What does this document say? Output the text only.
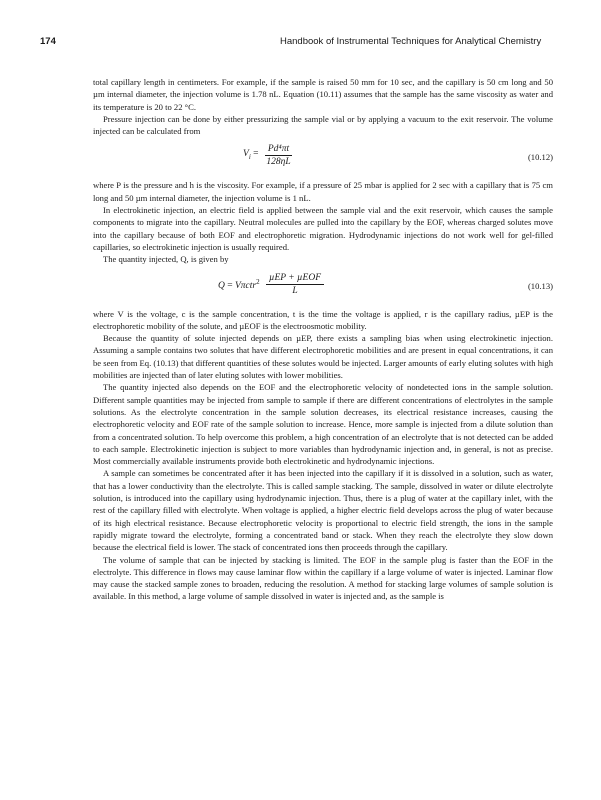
174	Handbook of Instrumental Techniques for Analytical Chemistry

total capillary length in centimeters. For example, if the sample is raised 50 mm for 10 sec, and the capillary is 50 cm long and 50 µm internal diameter, the injection volume is 1.78 nL. Equation (10.11) assumes that the sample has the same viscosity as water and its temperature is 20 to 22 °C.

Pressure injection can be done by either pressurizing the sample vial or by applying a vacuum to the exit reservoir. The volume injected can be calculated from

$V_i = \frac{\text{Pd⁴πt}}{128\eta L}$	(10.12)

where P is the pressure and h is the viscosity. For example, if a pressure of 25 mbar is applied for 2 sec with a capillary that is 75 cm long and 50 µm internal diameter, the injection volume is 1 nL.

In electrokinetic injection, an electric field is applied between the sample vial and the exit reservoir, which causes the sample components to migrate into the capillary. Neutral molecules are pulled into the capillary by the EOF, whereas charged solutes move into the capillary because of both EOF and electrophoretic migration. Hydrodynamic injections do not work well for gel-filled capillaries, so electrokinetic injection is usually required.

The quantity injected, Q, is given by

$Q = V\pi ctr^2 \frac{\text{µEP + µEOF}}{L}$	(10.13)

where V is the voltage, c is the sample concentration, t is the time the voltage is applied, r is the capillary radius, µEP is the electrophoretic mobility of the solute, and µEOF is the electroosmotic mobility.

Because the quantity of solute injected depends on µEP, there exists a sampling bias when using electrokinetic injection. Assuming a sample contains two solutes that have different electrophoretic mobilities and are present in equal concentrations, it can be seen from Eq. (10.13) that different quantities of these solutes would be injected. Larger amounts of early eluting solutes with high mobilities are injected than of later eluting solutes with lower mobilities.

The quantity injected also depends on the EOF and the electrophoretic velocity of nondetected ions in the sample solution. Different sample quantities may be injected from sample to sample if there are different concentrations of electrolytes in the sample solutions. As the electrolyte concentration in the sample solution decreases, its electrical resistance increases, causing the electrophoretic velocity and EOF rate of the sample solution to increase. Hence, more sample is injected from a dilute solution than from a concentrated solution. To help overcome this problem, a high concentration of an electrolyte that is not detected can be added to each sample. Electrokinetic injection is subject to more variables than hydrodynamic injection and, in general, is not as precise. Most commercially available instruments provide both electrokinetic and hydrodynamic injections.

A sample can sometimes be concentrated after it has been injected into the capillary if it is dissolved in a solution, such as water, that has a lower conductivity than the electrolyte. This is called sample stacking. The sample, dissolved in water or dilute electrolyte solution, is introduced into the capillary using hydrodynamic injection. Thus, there is a plug of water at the capillary inlet, with the rest of the capillary filled with electrolyte. When voltage is applied, a higher electric field develops across the plug of water because of its high electrical resistance. Because electrophoretic velocity is proportional to electric field strength, the ions in the sample rapidly migrate toward the electrolyte, forming a concentrated band or stack. When they reach the electrolyte they slow down because the electrical field is lower. The stack of concentrated ions then proceeds through the capillary.

The volume of sample that can be injected by stacking is limited. The EOF in the sample plug is faster than the EOF in the electrolyte. This difference in flows may cause laminar flow within the capillary if a large volume of water is injected. Laminar flow may cause the stacked sample zones to broaden, reducing the resolution. A method for stacking large volumes of sample solution is available. In this method, a large volume of sample dissolved in water is injected and, as the sample is
